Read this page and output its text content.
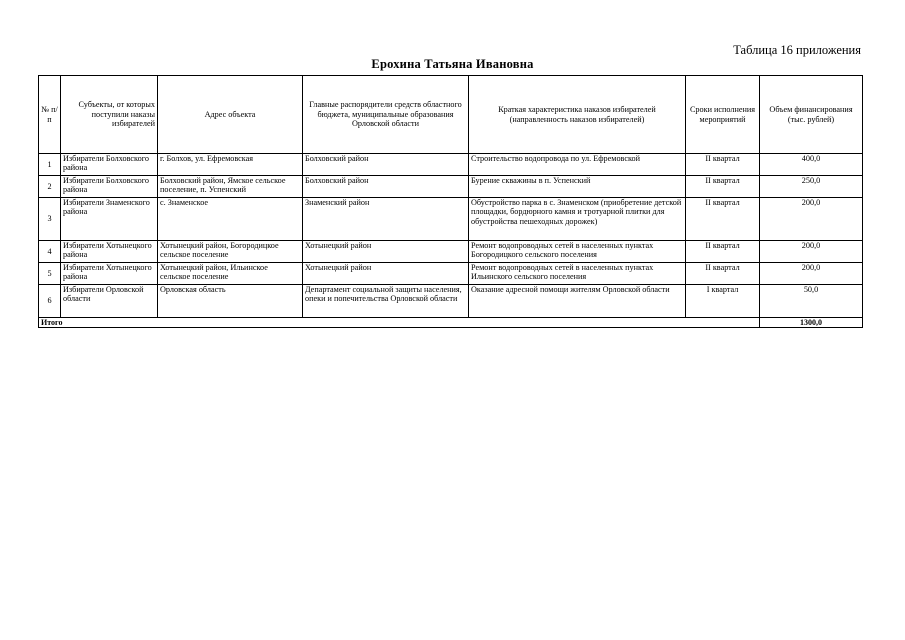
Таблица 16 приложения
Ерохина Татьяна Ивановна
№ п/п	Субъекты, от которых поступили наказы избирателей	Адрес объекта	Главные распорядители средств областного бюджета, муниципальные образования Орловской области	Краткая характеристика наказов избирателей (направленность наказов избирателей)	Сроки исполнения мероприятий	Объем финансирования (тыс. рублей)
1	Избиратели Болховского района	г. Болхов, ул. Ефремовская	Болховский район	Строительство водопровода по ул. Ефремовской	II квартал	400,0
2	Избиратели Болховского района	Болховский район, Ямское сельское поселение, п. Успенский	Болховский район	Бурение скважины в п. Успенский	II квартал	250,0
3	Избиратели Знаменского района	с. Знаменское	Знаменский район	Обустройство парка в с. Знаменском (приобретение детской площадки, бордюрного камня и тротуарной плитки для обустройства пешеходных дорожек)	II квартал	200,0
4	Избиратели Хотынецкого района	Хотынецкий район, Богородицкое сельское поселение	Хотынецкий район	Ремонт водопроводных сетей в населенных пунктах Богородицкого сельского поселения	II квартал	200,0
5	Избиратели Хотынецкого района	Хотынецкий район, Ильинское сельское поселение	Хотынецкий район	Ремонт водопроводных сетей в населенных пунктах Ильинского сельского поселения	II квартал	200,0
6	Избиратели Орловской области	Орловская область	Департамент социальной защиты населения, опеки и попечительства Орловской области	Оказание адресной помощи жителям Орловской области	I квартал	50,0
Итого						1300,0
